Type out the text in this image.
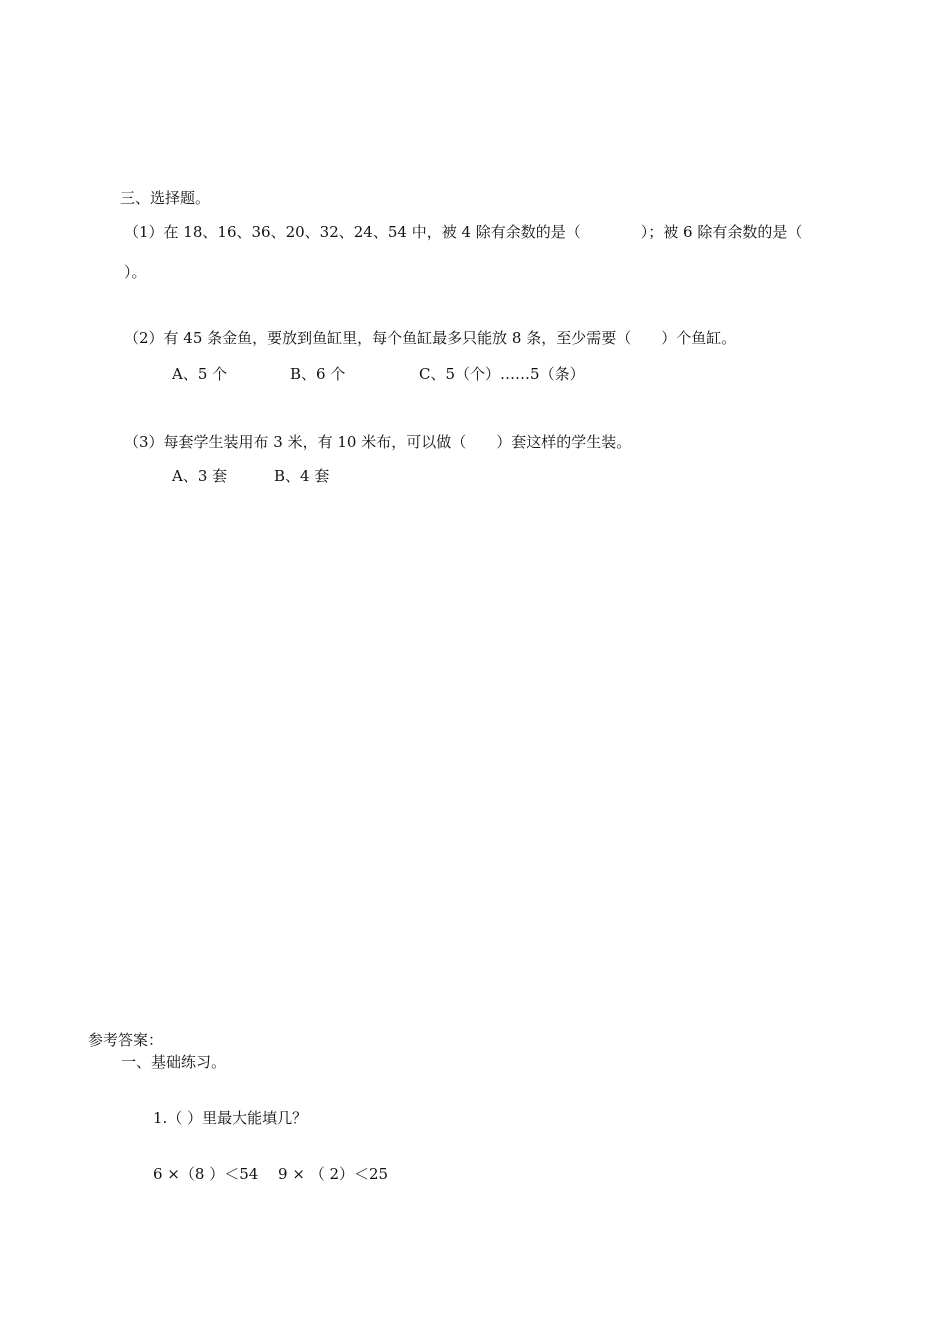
三、选择题。
（1）在 18、16、36、20、32、24、54 中，被 4 除有余数的是（　　　　）；被 6 除有余数的是（
）。
（2）有 45 条金鱼，要放到鱼缸里，每个鱼缸最多只能放 8 条，至少需要（　　）个鱼缸。
A、5 个	B、6 个	C、5（个）……5（条）
（3）每套学生装用布 3 米，有 10 米布，可以做（　　）套这样的学生装。
A、3 套	B、4 套
参考答案：
一、基础练习。
1.（ ）里最大能填几？
6 ×（8 ）＜54　 9 × （ 2）＜25
